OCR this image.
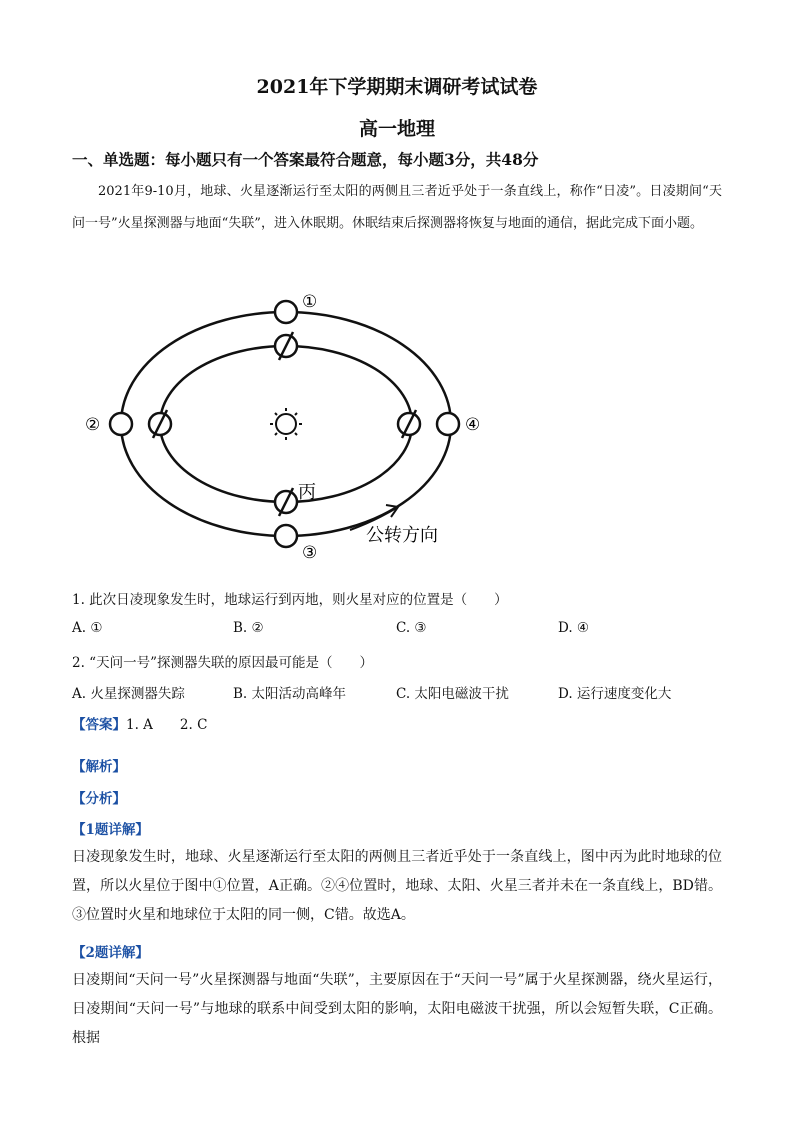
2021年下学期期末调研考试试卷
高一地理
一、单选题：每小题只有一个答案最符合题意，每小题3分，共48分
2021年9-10月，地球、火星逐渐运行至太阳的两侧且三者近乎处于一条直线上，称作“日凌”。日凌期间“天问一号”火星探测器与地面“失联”，进入休眠期。休眠结束后探测器将恢复与地面的通信，据此完成下面小题。
①
②
③
④
丙
公转方向
1. 此次日凌现象发生时，地球运行到丙地，则火星对应的位置是（　　）
A. ①	B. ②	C. ③	D. ④
2. “天问一号”探测器失联的原因最可能是（　　）
A. 火星探测器失踪	B. 太阳活动高峰年	C. 太阳电磁波干扰	D. 运行速度变化大
【答案】1. A　　2. C
【解析】
【分析】
【1题详解】
日凌现象发生时，地球、火星逐渐运行至太阳的两侧且三者近乎处于一条直线上，图中丙为此时地球的位置，所以火星位于图中①位置，A正确。②④位置时，地球、太阳、火星三者并未在一条直线上，BD错。③位置时火星和地球位于太阳的同一侧，C错。故选A。
【2题详解】
日凌期间“天问一号”火星探测器与地面“失联”，主要原因在于“天问一号”属于火星探测器，绕火星运行，日凌期间“天问一号”与地球的联系中间受到太阳的影响，太阳电磁波干扰强，所以会短暂失联，C正确。根据
